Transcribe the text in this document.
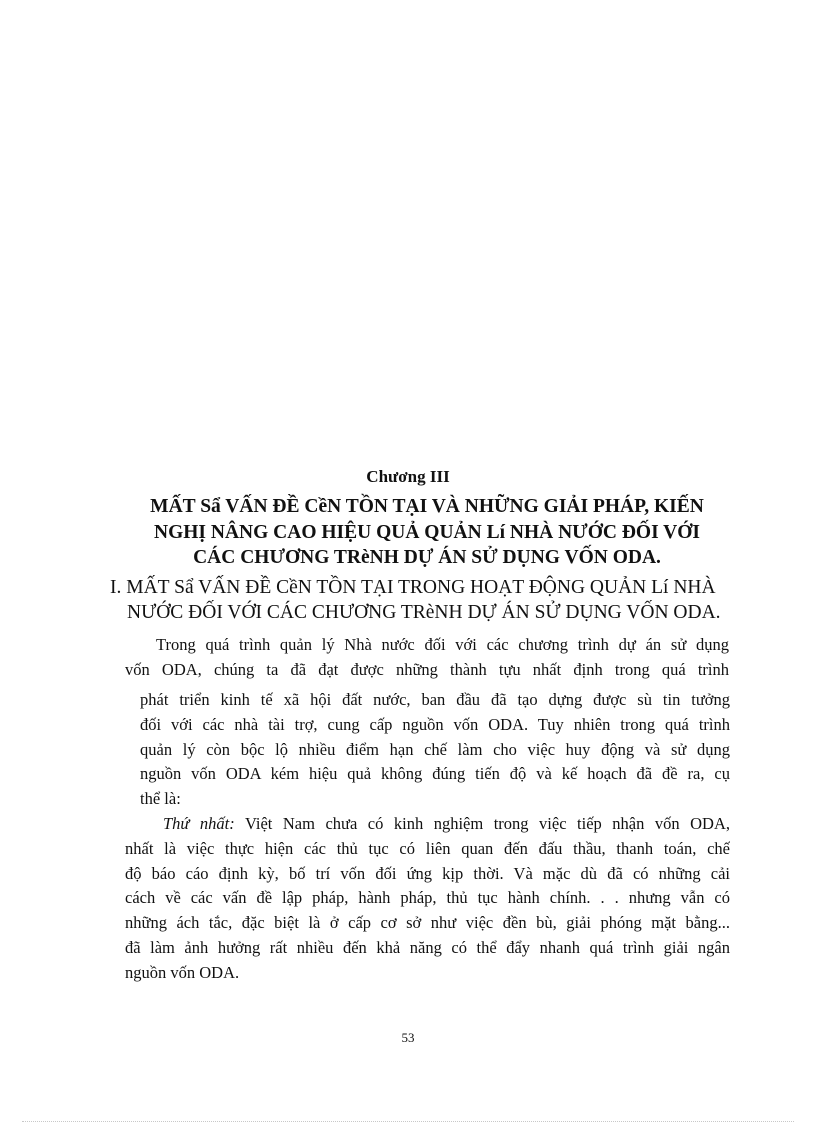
Chương III
MẤT Sẩ VẤN ĐỀ CềN TỒN TẠI VÀ NHỮNG GIẢI PHÁP, KIẾN
NGHỊ NÂNG CAO HIỆU QUẢ QUẢN Lí NHÀ NƯỚC ĐỐI VỚI
CÁC CHƯƠNG TRèNH DỰ ÁN SỬ DỤNG VỐN ODA.
I. MẤT Sẩ VẤN ĐỀ CềN TỒN TẠI TRONG HOẠT ĐỘNG QUẢN Lí NHÀ
NƯỚC ĐỐI VỚI CÁC CHƯƠNG TRèNH DỰ ÁN SỬ DỤNG VỐN ODA.
Trong quá trình quản lý Nhà nước đối với các chương trình dự án sử dụng
vốn ODA, chúng ta đã đạt được những thành tựu nhất định trong quá trình
phát triển kinh tế xã hội đất nước, ban đầu đã tạo dựng được sù tin tưởng
đối với các nhà tài trợ, cung cấp nguồn vốn ODA. Tuy nhiên trong quá trình
quản lý còn bộc lộ nhiều điểm hạn chế làm cho việc huy động và sử dụng
nguồn vốn ODA kém hiệu quả không đúng tiến độ và kế hoạch đã đề ra, cụ
thể là:
Thứ nhất: Việt Nam chưa có kinh nghiệm trong việc tiếp nhận vốn ODA,
nhất là việc thực hiện các thủ tục có liên quan đến đấu thầu, thanh toán, chế
độ báo cáo định kỳ, bố trí vốn đối ứng kịp thời. Và mặc dù đã có những cải
cách về các vấn đề lập pháp, hành pháp, thủ tục hành chính. . . nhưng vẫn có
những ách tắc, đặc biệt là ở cấp cơ sở như việc đền bù, giải phóng mặt bằng...
đã làm ảnh hưởng rất nhiều đến khả năng có thể đẩy nhanh quá trình giải ngân
nguồn vốn ODA.
53
